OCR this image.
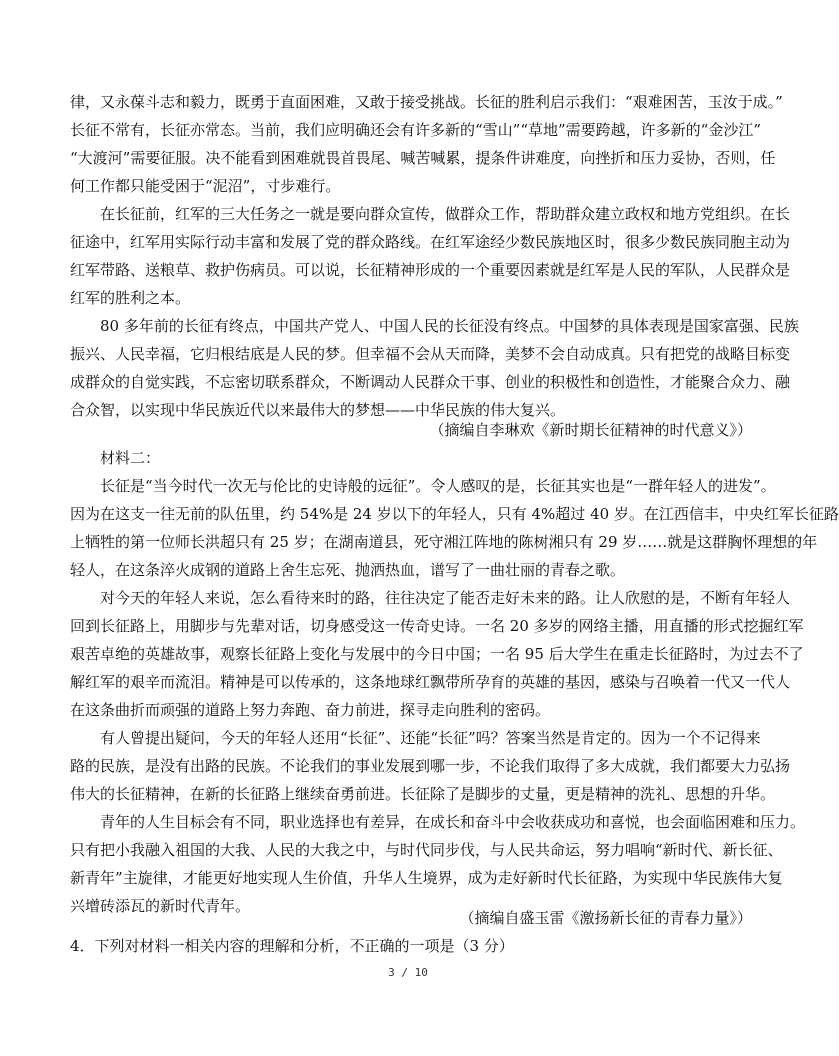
律，又永葆斗志和毅力，既勇于直面困难，又敢于接受挑战。长征的胜利启示我们：“艰难困苦，玉汝于成。”
长征不常有，长征亦常态。当前，我们应明确还会有许多新的“雪山”“草地”需要跨越，许多新的“金沙江”
“大渡河”需要征服。决不能看到困难就畏首畏尾、喊苦喊累，提条件讲难度，向挫折和压力妥协，否则，任
何工作都只能受困于“泥沼”，寸步难行。
在长征前，红军的三大任务之一就是要向群众宣传，做群众工作，帮助群众建立政权和地方党组织。在长
征途中，红军用实际行动丰富和发展了党的群众路线。在红军途经少数民族地区时，很多少数民族同胞主动为
红军带路、送粮草、救护伤病员。可以说，长征精神形成的一个重要因素就是红军是人民的军队，人民群众是
红军的胜利之本。
80 多年前的长征有终点，中国共产党人、中国人民的长征没有终点。中国梦的具体表现是国家富强、民族
振兴、人民幸福，它归根结底是人民的梦。但幸福不会从天而降，美梦不会自动成真。只有把党的战略目标变
成群众的自觉实践，不忘密切联系群众，不断调动人民群众干事、创业的积极性和创造性，才能聚合众力、融
合众智，以实现中华民族近代以来最伟大的梦想——中华民族的伟大复兴。
（摘编自李琳欢《新时期长征精神的时代意义》）
材料二：
长征是“当今时代一次无与伦比的史诗般的远征”。令人感叹的是，长征其实也是“一群年轻人的进发”。
因为在这支一往无前的队伍里，约 54%是 24 岁以下的年轻人，只有 4%超过 40 岁。在江西信丰，中央红军长征路
上牺牲的第一位师长洪超只有 25 岁；在湖南道县，死守湘江阵地的陈树湘只有 29 岁……就是这群胸怀理想的年
轻人，在这条淬火成钢的道路上舍生忘死、抛洒热血，谱写了一曲壮丽的青春之歌。
对今天的年轻人来说，怎么看待来时的路，往往决定了能否走好未来的路。让人欣慰的是，不断有年轻人
回到长征路上，用脚步与先辈对话，切身感受这一传奇史诗。一名 20 多岁的网络主播，用直播的形式挖掘红军
艰苦卓绝的英雄故事，观察长征路上变化与发展中的今日中国；一名 95 后大学生在重走长征路时，为过去不了
解红军的艰辛而流泪。精神是可以传承的，这条地球红飘带所孕育的英雄的基因，感染与召唤着一代又一代人
在这条曲折而顽强的道路上努力奔跑、奋力前进，探寻走向胜利的密码。
有人曾提出疑问，今天的年轻人还用“长征”、还能“长征”吗？答案当然是肯定的。因为一个不记得来
路的民族，是没有出路的民族。不论我们的事业发展到哪一步，不论我们取得了多大成就，我们都要大力弘扬
伟大的长征精神，在新的长征路上继续奋勇前进。长征除了是脚步的丈量，更是精神的洗礼、思想的升华。
青年的人生目标会有不同，职业选择也有差异，在成长和奋斗中会收获成功和喜悦，也会面临困难和压力。
只有把小我融入祖国的大我、人民的大我之中，与时代同步伐，与人民共命运，努力唱响“新时代、新长征、
新青年”主旋律，才能更好地实现人生价值，升华人生境界，成为走好新时代长征路，为实现中华民族伟大复
兴增砖添瓦的新时代青年。
（摘编自盛玉雷《激扬新长征的青春力量》）
4．下列对材料一相关内容的理解和分析，不正确的一项是（3 分）
3 / 10
